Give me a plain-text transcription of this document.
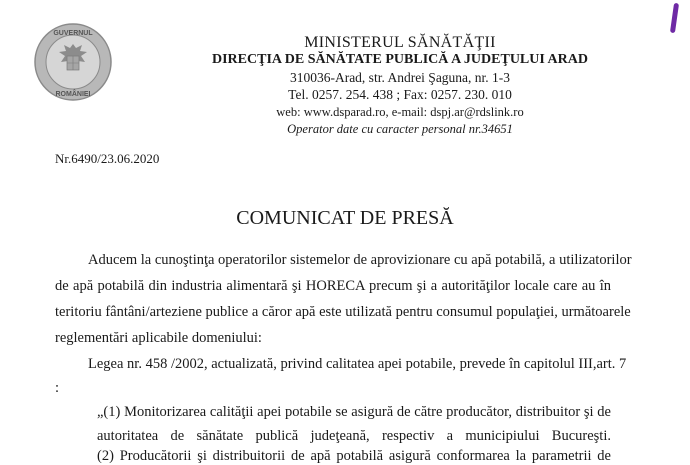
GUVERNUL
ROMÂNIEI
MINISTERUL SĂNĂTĂŢII
DIRECŢIA DE SĂNĂTATE PUBLICĂ A JUDEŢULUI ARAD
310036-Arad, str. Andrei Şaguna, nr. 1-3
Tel. 0257. 254. 438 ; Fax: 0257. 230. 010
web: www.dsparad.ro, e-mail: dspj.ar@rdslink.ro
Operator date cu caracter personal nr.34651
Nr.6490/23.06.2020
COMUNICAT DE PRESĂ
Aducem la cunoştinţa operatorilor sistemelor de aprovizionare cu apă potabilă, a utilizatorilor
de apă potabilă din industria alimentară şi HORECA precum şi a autorităţilor locale care au în
teritoriu fântâni/arteziene publice a căror apă este utilizată pentru consumul populaţiei, următoarele
reglementări aplicabile domeniului:
Legea nr. 458 /2002, actualizată, privind calitatea apei potabile, prevede în capitolul III,art. 7
:
„(1) Monitorizarea calităţii apei potabile se asigură de către producător, distribuitor şi de
autoritatea de sănătate publică judeţeană, respectiv a municipiului Bucureşti.
(2) Producătorii şi distribuitorii de apă potabilă asigură conformarea la parametrii de
